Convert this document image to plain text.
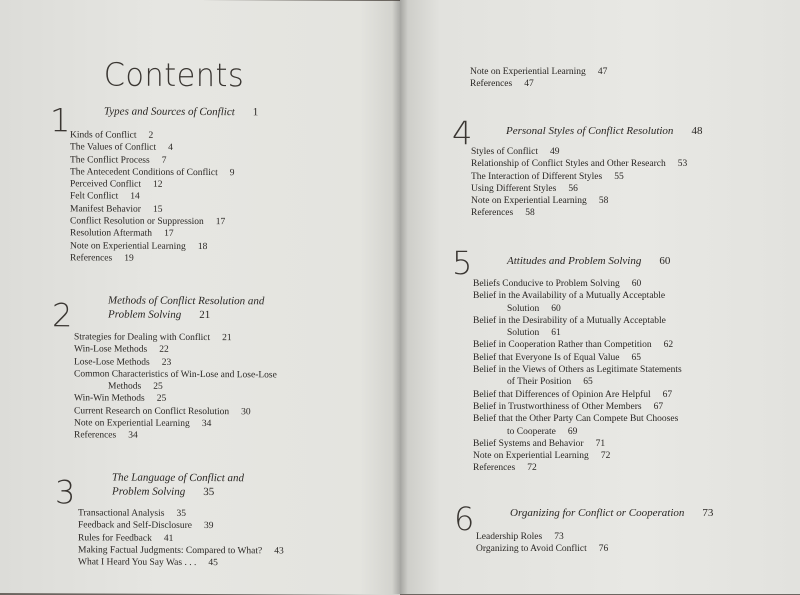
Contents
1	Types and Sources of Conflict 1
Kinds of Conflict 2
The Values of Conflict 4
The Conflict Process 7
The Antecedent Conditions of Conflict 9
Perceived Conflict 12
Felt Conflict 14
Manifest Behavior 15
Conflict Resolution or Suppression 17
Resolution Aftermath 17
Note on Experiential Learning 18
References 19
2	Methods of Conflict Resolution and
Problem Solving 21
Strategies for Dealing with Conflict 21
Win-Lose Methods 22
Lose-Lose Methods 23
Common Characteristics of Win-Lose and Lose-Lose
Methods 25
Win-Win Methods 25
Current Research on Conflict Resolution 30
Note on Experiential Learning 34
References 34
3	The Language of Conflict and
Problem Solving 35
Transactional Analysis 35
Feedback and Self-Disclosure 39
Rules for Feedback 41
Making Factual Judgments: Compared to What? 43
What I Heard You Say Was . . . 45
Note on Experiential Learning 47
References 47
4	Personal Styles of Conflict Resolution 48
Styles of Conflict 49
Relationship of Conflict Styles and Other Research 53
The Interaction of Different Styles 55
Using Different Styles 56
Note on Experiential Learning 58
References 58
5	Attitudes and Problem Solving 60
Beliefs Conducive to Problem Solving 60
Belief in the Availability of a Mutually Acceptable
Solution 60
Belief in the Desirability of a Mutually Acceptable
Solution 61
Belief in Cooperation Rather than Competition 62
Belief that Everyone Is of Equal Value 65
Belief in the Views of Others as Legitimate Statements
of Their Position 65
Belief that Differences of Opinion Are Helpful 67
Belief in Trustworthiness of Other Members 67
Belief that the Other Party Can Compete But Chooses
to Cooperate 69
Belief Systems and Behavior 71
Note on Experiential Learning 72
References 72
6	Organizing for Conflict or Cooperation 73
Leadership Roles 73
Organizing to Avoid Conflict 76
